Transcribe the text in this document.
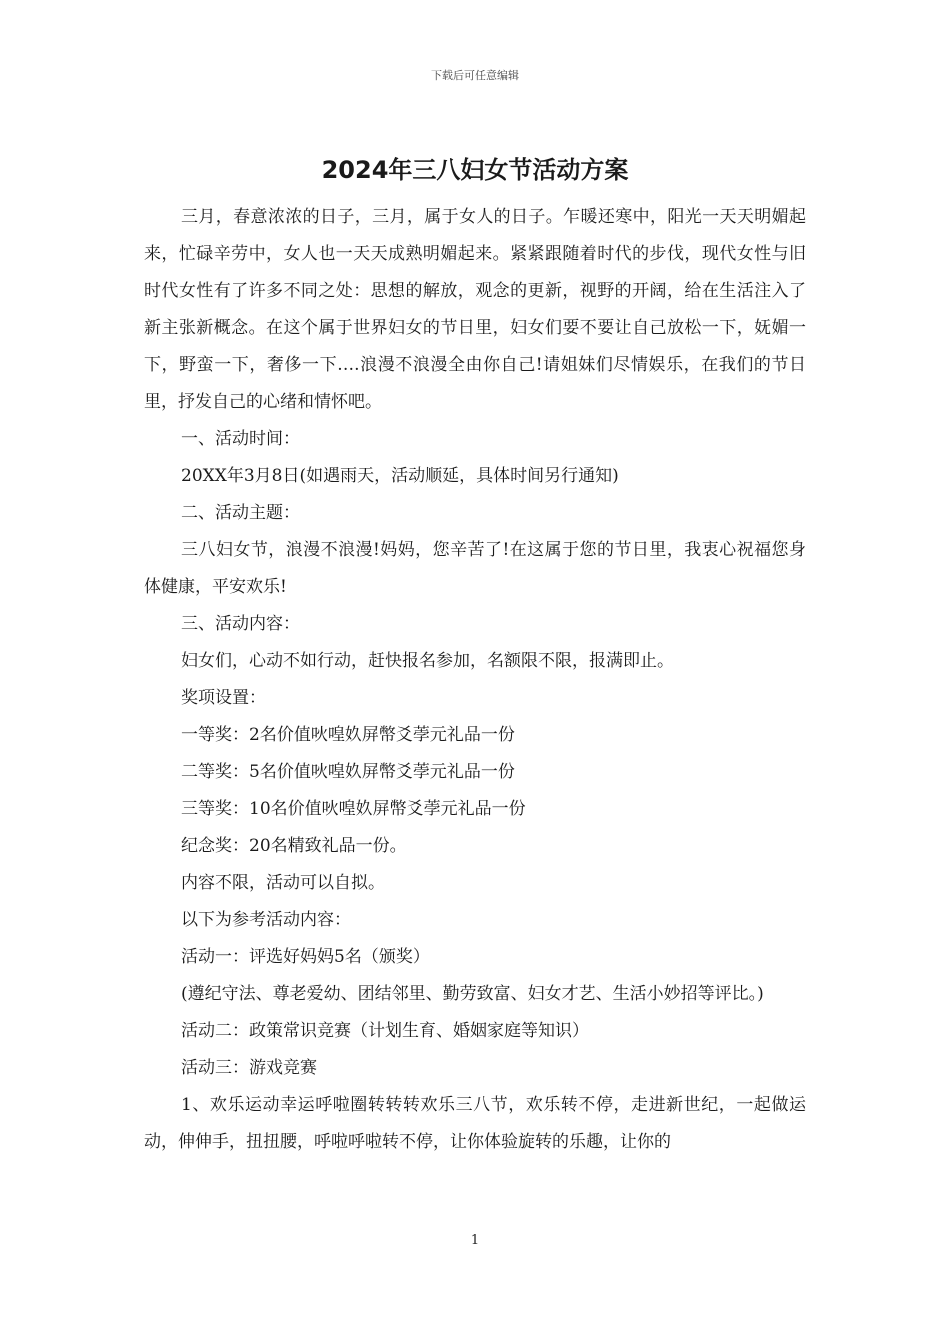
下载后可任意编辑
2024年三八妇女节活动方案

三月，春意浓浓的日子，三月，属于女人的日子。乍暖还寒中，阳光一天天明媚起来，忙碌辛劳中，女人也一天天成熟明媚起来。紧紧跟随着时代的步伐，现代女性与旧时代女性有了许多不同之处：思想的解放，观念的更新，视野的开阔，给在生活注入了新主张新概念。在这个属于世界妇女的节日里，妇女们要不要让自己放松一下，妩媚一下，野蛮一下，奢侈一下….浪漫不浪漫全由你自己!请姐妹们尽情娱乐，在我们的节日里，抒发自己的心绪和情怀吧。

一、活动时间：

20XX年3月8日(如遇雨天，活动顺延，具体时间另行通知)

二、活动主题：

三八妇女节，浪漫不浪漫!妈妈，您辛苦了!在这属于您的节日里，我衷心祝福您身体健康，平安欢乐!

三、活动内容：

妇女们，心动不如行动，赶快报名参加，名额限不限，报满即止。

奖项设置：

一等奖：2名价值吙喤奺屏幣爻荸元礼品一份

二等奖：5名价值吙喤奺屏幣爻荸元礼品一份

三等奖：10名价值吙喤奺屏幣爻荸元礼品一份

纪念奖：20名精致礼品一份。

内容不限，活动可以自拟。

以下为参考活动内容：

活动一：评选好妈妈5名（颁奖）

(遵纪守法、尊老爱幼、团结邻里、勤劳致富、妇女才艺、生活小妙招等评比。)

活动二：政策常识竞赛（计划生育、婚姻家庭等知识）

活动三：游戏竞赛

1、欢乐运动幸运呼啦圈转转转欢乐三八节，欢乐转不停，走进新世纪，一起做运动，伸伸手，扭扭腰，呼啦呼啦转不停，让你体验旋转的乐趣，让你的

1
